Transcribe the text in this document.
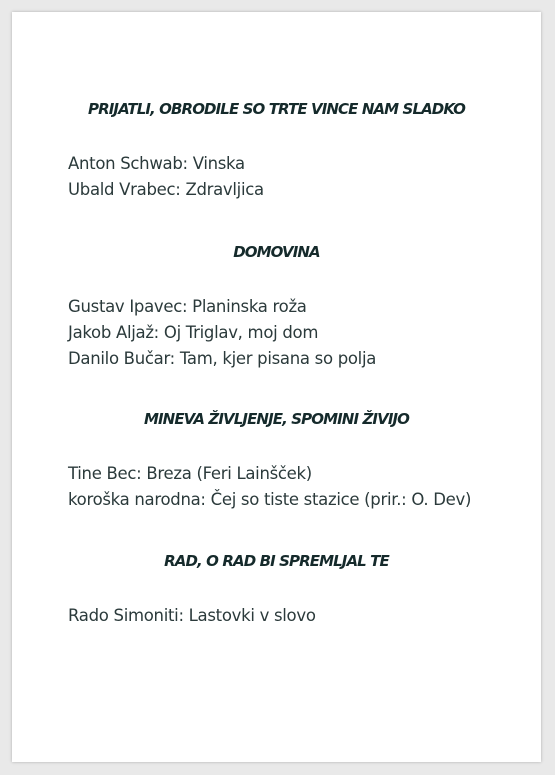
PRIJATLI, OBRODILE SO TRTE VINCE NAM SLADKO
Anton Schwab: Vinska
Ubald Vrabec: Zdravljica
DOMOVINA
Gustav Ipavec: Planinska roža
Jakob Aljaž: Oj Triglav, moj dom
Danilo Bučar: Tam, kjer pisana so polja
MINEVA ŽIVLJENJE, SPOMINI ŽIVIJO
Tine Bec: Breza (Feri Lainšček)
koroška narodna: Čej so tiste stazice (prir.: O. Dev)
RAD, O RAD BI SPREMLJAL TE
Rado Simoniti: Lastovki v slovo
